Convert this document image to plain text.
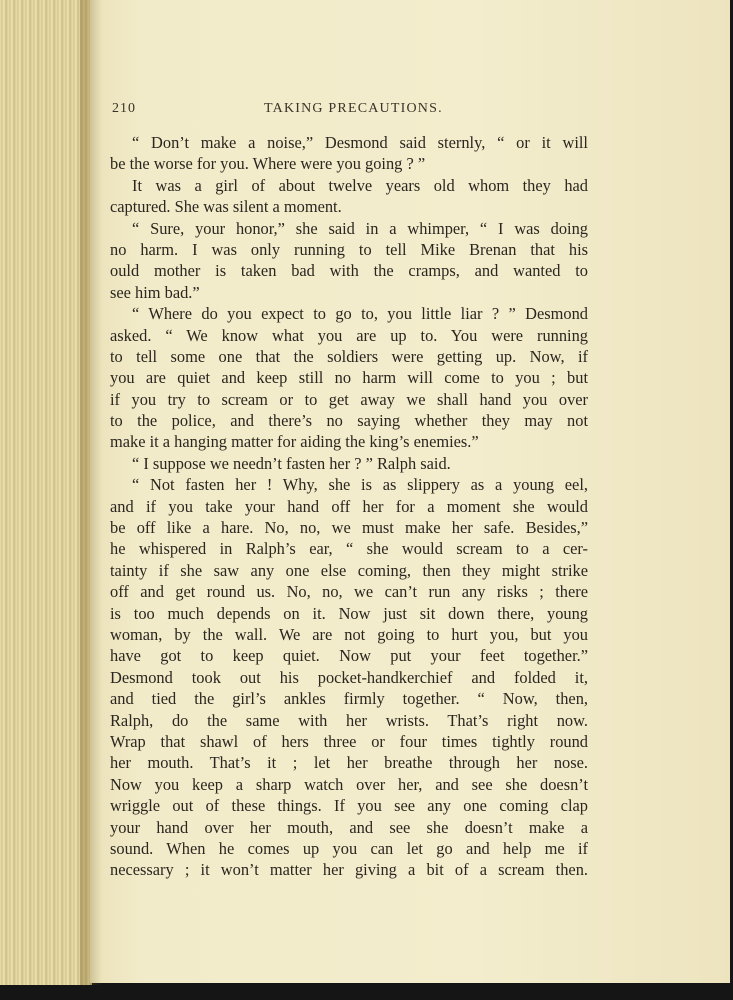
210	TAKING PRECAUTIONS.
“ Don’t make a noise,” Desmond said sternly, “ or it will
be the worse for you. Where were you going ? ”
It was a girl of about twelve years old whom they had
captured. She was silent a moment.
“ Sure, your honor,” she said in a whimper, “ I was doing
no harm. I was only running to tell Mike Brenan that his
ould mother is taken bad with the cramps, and wanted to
see him bad.”
“ Where do you expect to go to, you little liar ? ” Desmond
asked. “ We know what you are up to. You were running
to tell some one that the soldiers were getting up. Now, if
you are quiet and keep still no harm will come to you ; but
if you try to scream or to get away we shall hand you over
to the police, and there’s no saying whether they may not
make it a hanging matter for aiding the king’s enemies.”
“ I suppose we needn’t fasten her ? ” Ralph said.
“ Not fasten her ! Why, she is as slippery as a young eel,
and if you take your hand off her for a moment she would
be off like a hare. No, no, we must make her safe. Besides,”
he whispered in Ralph’s ear, “ she would scream to a cer-
tainty if she saw any one else coming, then they might strike
off and get round us. No, no, we can’t run any risks ; there
is too much depends on it. Now just sit down there, young
woman, by the wall. We are not going to hurt you, but you
have got to keep quiet. Now put your feet together.”
Desmond took out his pocket-handkerchief and folded it,
and tied the girl’s ankles firmly together. “ Now, then,
Ralph, do the same with her wrists. That’s right now.
Wrap that shawl of hers three or four times tightly round
her mouth. That’s it ; let her breathe through her nose.
Now you keep a sharp watch over her, and see she doesn’t
wriggle out of these things. If you see any one coming clap
your hand over her mouth, and see she doesn’t make a
sound. When he comes up you can let go and help me if
necessary ; it won’t matter her giving a bit of a scream then.
